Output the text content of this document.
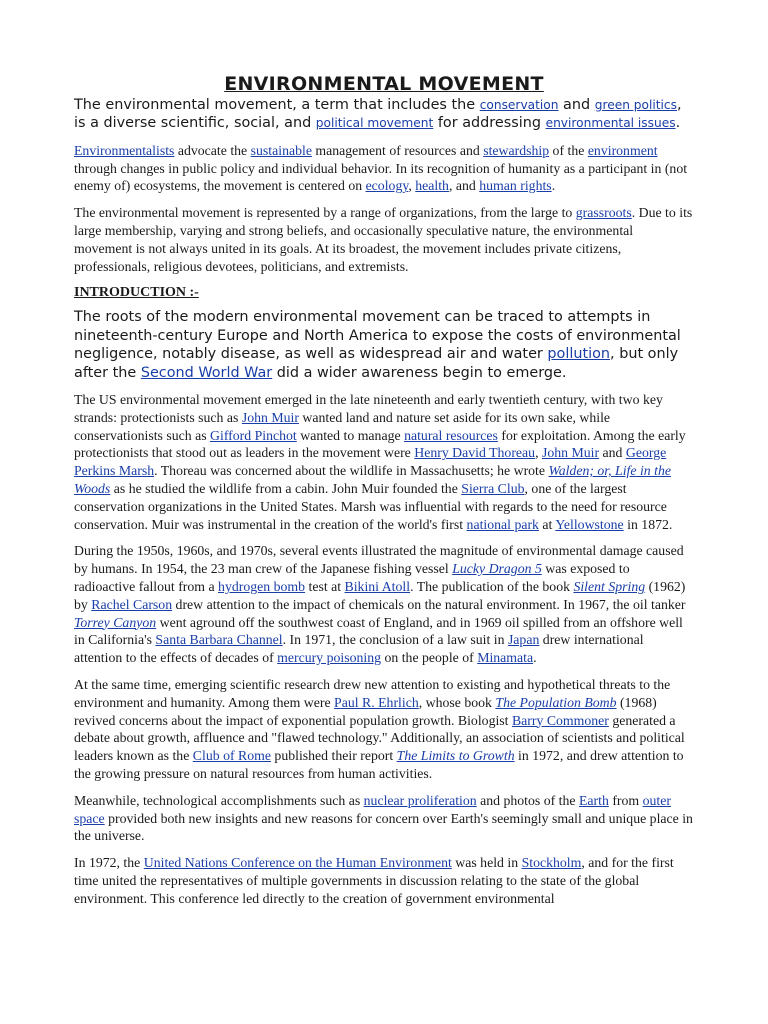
ENVIRONMENTAL MOVEMENT

The environmental movement, a term that includes the conservation and green politics, is a diverse scientific, social, and political movement for addressing environmental issues.

Environmentalists advocate the sustainable management of resources and stewardship of the environment through changes in public policy and individual behavior. In its recognition of humanity as a participant in (not enemy of) ecosystems, the movement is centered on ecology, health, and human rights.

The environmental movement is represented by a range of organizations, from the large to grassroots. Due to its large membership, varying and strong beliefs, and occasionally speculative nature, the environmental movement is not always united in its goals. At its broadest, the movement includes private citizens, professionals, religious devotees, politicians, and extremists.

INTRODUCTION :-

The roots of the modern environmental movement can be traced to attempts in nineteenth-century Europe and North America to expose the costs of environmental negligence, notably disease, as well as widespread air and water pollution, but only after the Second World War did a wider awareness begin to emerge.

The US environmental movement emerged in the late nineteenth and early twentieth century, with two key strands: protectionists such as John Muir wanted land and nature set aside for its own sake, while conservationists such as Gifford Pinchot wanted to manage natural resources for exploitation. Among the early protectionists that stood out as leaders in the movement were Henry David Thoreau, John Muir and George Perkins Marsh. Thoreau was concerned about the wildlife in Massachusetts; he wrote Walden; or, Life in the Woods as he studied the wildlife from a cabin. John Muir founded the Sierra Club, one of the largest conservation organizations in the United States. Marsh was influential with regards to the need for resource conservation. Muir was instrumental in the creation of the world's first national park at Yellowstone in 1872.

During the 1950s, 1960s, and 1970s, several events illustrated the magnitude of environmental damage caused by humans. In 1954, the 23 man crew of the Japanese fishing vessel Lucky Dragon 5 was exposed to radioactive fallout from a hydrogen bomb test at Bikini Atoll. The publication of the book Silent Spring (1962) by Rachel Carson drew attention to the impact of chemicals on the natural environment. In 1967, the oil tanker Torrey Canyon went aground off the southwest coast of England, and in 1969 oil spilled from an offshore well in California's Santa Barbara Channel. In 1971, the conclusion of a law suit in Japan drew international attention to the effects of decades of mercury poisoning on the people of Minamata.

At the same time, emerging scientific research drew new attention to existing and hypothetical threats to the environment and humanity. Among them were Paul R. Ehrlich, whose book The Population Bomb (1968) revived concerns about the impact of exponential population growth. Biologist Barry Commoner generated a debate about growth, affluence and "flawed technology." Additionally, an association of scientists and political leaders known as the Club of Rome published their report The Limits to Growth in 1972, and drew attention to the growing pressure on natural resources from human activities.

Meanwhile, technological accomplishments such as nuclear proliferation and photos of the Earth from outer space provided both new insights and new reasons for concern over Earth's seemingly small and unique place in the universe.

In 1972, the United Nations Conference on the Human Environment was held in Stockholm, and for the first time united the representatives of multiple governments in discussion relating to the state of the global environment. This conference led directly to the creation of government environmental
